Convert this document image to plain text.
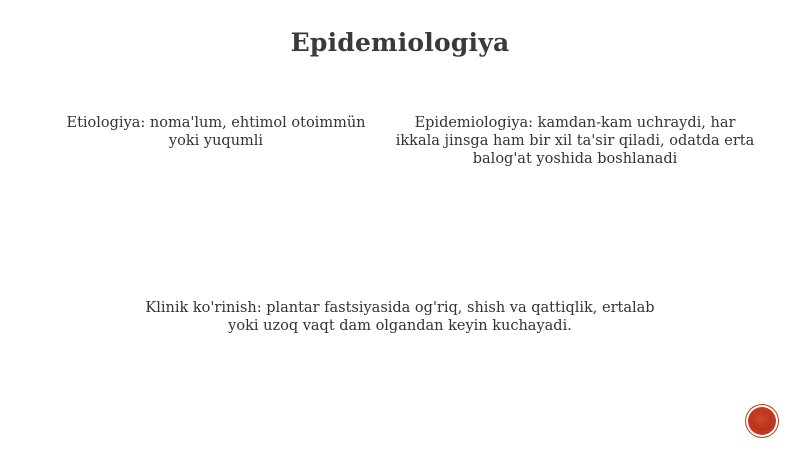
Epidemiologiya
Etiologiya: noma'lum, ehtimol otoimmün yoki yuqumli
Epidemiologiya: kamdan-kam uchraydi, har ikkala jinsga ham bir xil ta'sir qiladi, odatda erta balog'at yoshida boshlanadi
Klinik ko'rinish: plantar fastsiyasida og'riq, shish va qattiqlik, ertalab yoki uzoq vaqt dam olgandan keyin kuchayadi.
